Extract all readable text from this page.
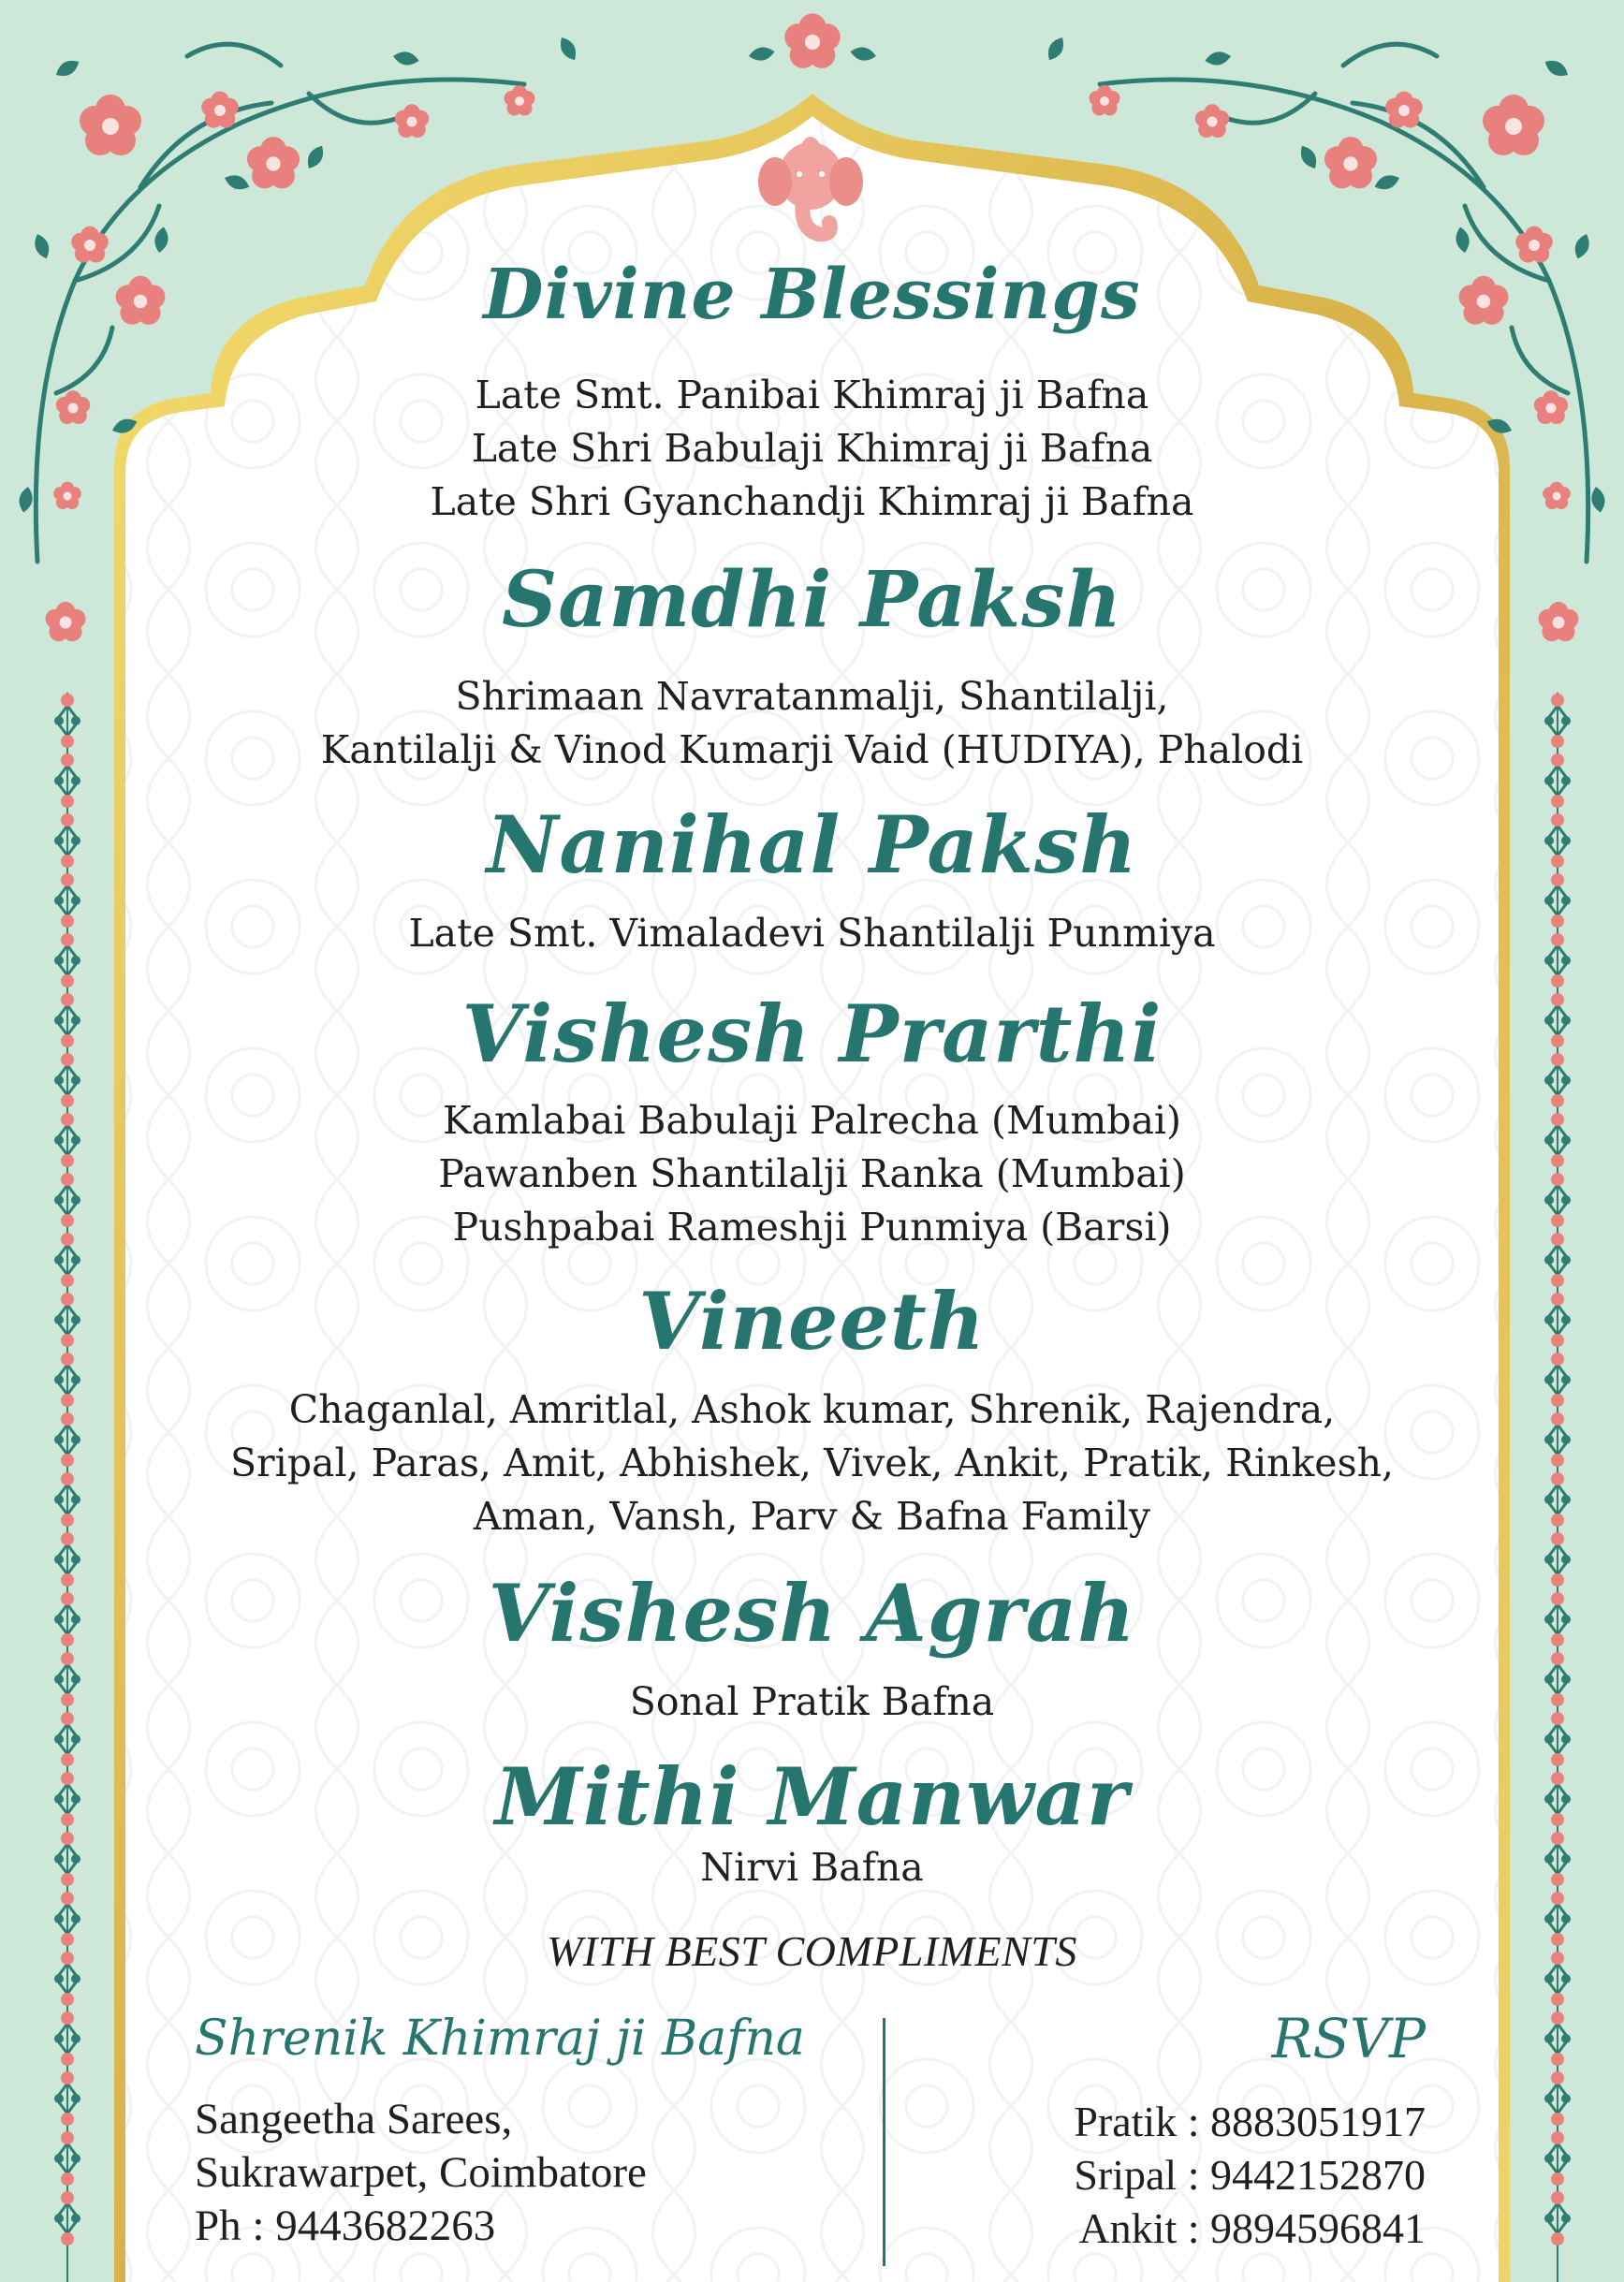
Divine Blessings
Late Smt. Panibai Khimraj ji Bafna
Late Shri Babulaji Khimraj ji Bafna
Late Shri Gyanchandji Khimraj ji Bafna
Samdhi Paksh
Shrimaan Navratanmalji, Shantilalji,
Kantilalji & Vinod Kumarji Vaid (HUDIYA), Phalodi
Nanihal Paksh
Late Smt. Vimaladevi Shantilalji Punmiya
Vishesh Prarthi
Kamlabai Babulaji Palrecha (Mumbai)
Pawanben Shantilalji Ranka (Mumbai)
Pushpabai Rameshji Punmiya (Barsi)
Vineeth
Chaganlal, Amritlal, Ashok kumar, Shrenik, Rajendra,
Sripal, Paras, Amit, Abhishek, Vivek, Ankit, Pratik, Rinkesh,
Aman, Vansh, Parv & Bafna Family
Vishesh Agrah
Sonal Pratik Bafna
Mithi Manwar
Nirvi Bafna
WITH BEST COMPLIMENTS
Shrenik Khimraj ji Bafna
Sangeetha Sarees,
Sukrawarpet, Coimbatore
Ph : 9443682263
RSVP
Pratik : 8883051917
Sripal : 9442152870
Ankit : 9894596841
